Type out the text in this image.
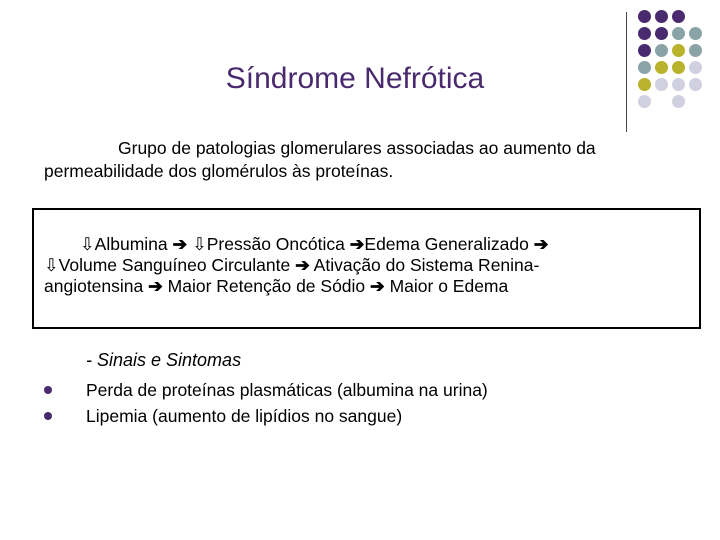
Síndrome Nefrótica
Grupo de patologias glomerulares associadas ao aumento da
permeabilidade dos glomérulos às proteínas.
⇩Albumina ➔ ⇩Pressão Oncótica ➔Edema Generalizado ➔
⇩Volume Sanguíneo Circulante ➔ Ativação do Sistema Renina-
angiotensina ➔ Maior Retenção de Sódio ➔ Maior o Edema
- Sinais e Sintomas
Perda de proteínas plasmáticas (albumina na urina)
Lipemia (aumento de lipídios no sangue)
